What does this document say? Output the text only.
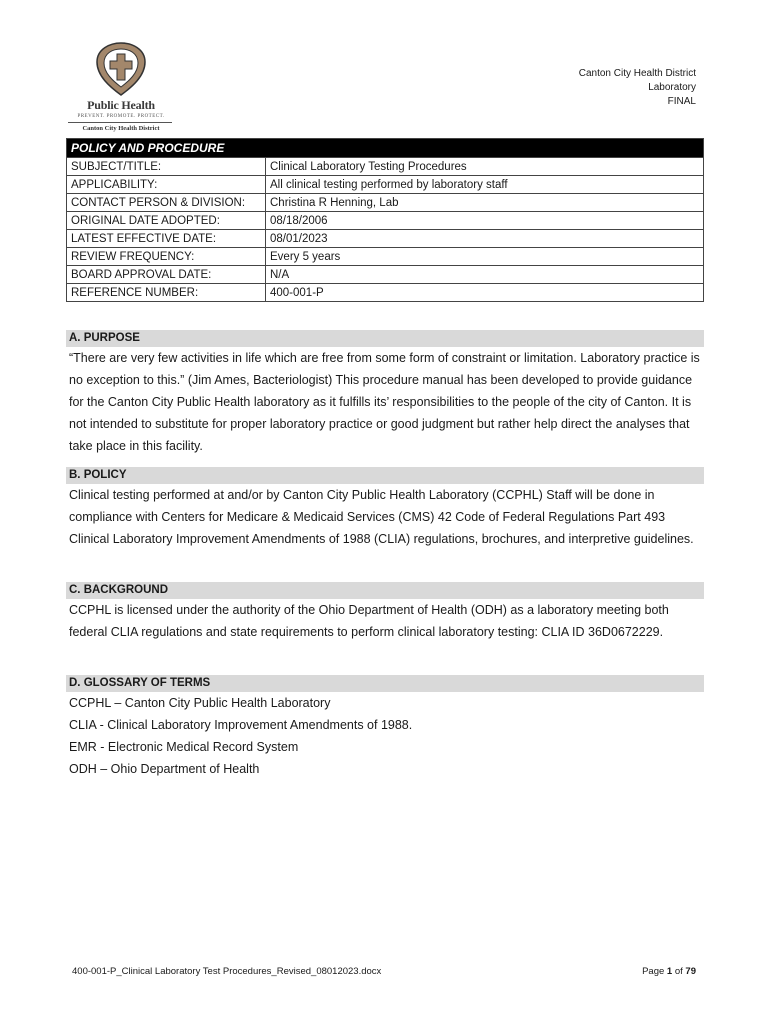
Public Health
PREVENT. PROMOTE. PROTECT.
Canton City Health District
Canton City Health District
Laboratory
FINAL
POLICY AND PROCEDURE	
SUBJECT/TITLE:	Clinical Laboratory Testing Procedures
APPLICABILITY:	All clinical testing performed by laboratory staff
CONTACT PERSON & DIVISION:	Christina R Henning, Lab
ORIGINAL DATE ADOPTED:	08/18/2006
LATEST EFFECTIVE DATE:	08/01/2023
REVIEW FREQUENCY:	Every 5 years
BOARD APPROVAL DATE:	N/A
REFERENCE NUMBER:	400-001-P
A. PURPOSE
“There are very few activities in life which are free from some form of constraint or limitation. Laboratory practice is no exception to this.” (Jim Ames, Bacteriologist) This procedure manual has been developed to provide guidance for the Canton City Public Health laboratory as it fulfills its’ responsibilities to the people of the city of Canton. It is not intended to substitute for proper laboratory practice or good judgment but rather help direct the analyses that take place in this facility.
B. POLICY
Clinical testing performed at and/or by Canton City Public Health Laboratory (CCPHL) Staff will be done in compliance with Centers for Medicare & Medicaid Services (CMS) 42 Code of Federal Regulations Part 493 Clinical Laboratory Improvement Amendments of 1988 (CLIA) regulations, brochures, and interpretive guidelines.
C. BACKGROUND
CCPHL is licensed under the authority of the Ohio Department of Health (ODH) as a laboratory meeting both federal CLIA regulations and state requirements to perform clinical laboratory testing: CLIA ID 36D0672229.
D. GLOSSARY OF TERMS
CCPHL – Canton City Public Health Laboratory
CLIA - Clinical Laboratory Improvement Amendments of 1988.
EMR - Electronic Medical Record System
ODH – Ohio Department of Health
400-001-P_Clinical Laboratory Test Procedures_Revised_08012023.docx	Page 1 of 79
